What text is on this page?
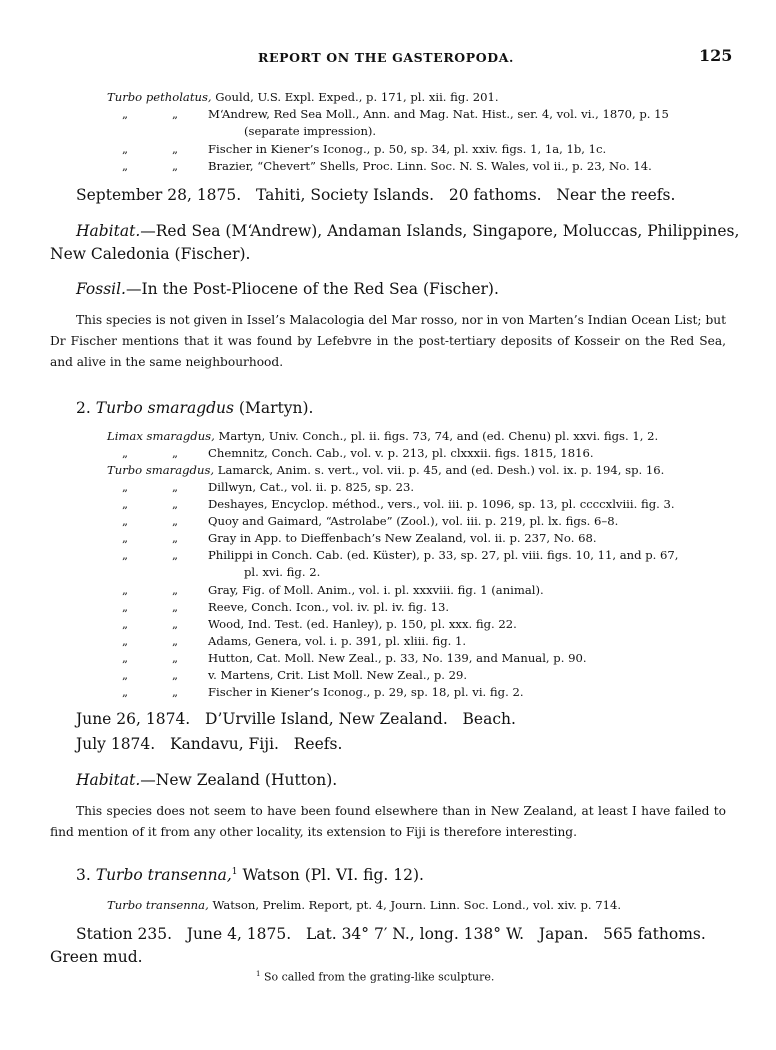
REPORT ON THE GASTEROPODA.	125
Turbo petholatus, Gould, U.S. Expl. Exped., p. 171, pl. xii. fig. 201.
„	„	M‘Andrew, Red Sea Moll., Ann. and Mag. Nat. Hist., ser. 4, vol. vi., 1870, p. 15
(separate impression).
„	„	Fischer in Kiener’s Iconog., p. 50, sp. 34, pl. xxiv. figs. 1, 1a, 1b, 1c.
„	„	Brazier, “Chevert” Shells, Proc. Linn. Soc. N. S. Wales, vol ii., p. 23, No. 14.
September 28, 1875.   Tahiti, Society Islands.   20 fathoms.   Near the reefs.
Habitat.—Red Sea (M‘Andrew), Andaman Islands, Singapore, Moluccas, Philippines,
New Caledonia (Fischer).
Fossil.—In the Post-Pliocene of the Red Sea (Fischer).
This species is not given in Issel’s Malacologia del Mar rosso, nor in von Marten’s Indian Ocean List; but Dr Fischer mentions that it was found by Lefebvre in the post-tertiary deposits of Kosseir on the Red Sea, and alive in the same neighbourhood.
2. Turbo smaragdus (Martyn).
Limax smaragdus, Martyn, Univ. Conch., pl. ii. figs. 73, 74, and (ed. Chenu) pl. xxvi. figs. 1, 2.
„	„	Chemnitz, Conch. Cab., vol. v. p. 213, pl. clxxxii. figs. 1815, 1816.
Turbo smaragdus, Lamarck, Anim. s. vert., vol. vii. p. 45, and (ed. Desh.) vol. ix. p. 194, sp. 16.
„	„	Dillwyn, Cat., vol. ii. p. 825, sp. 23.
„	„	Deshayes, Encyclop. méthod., vers., vol. iii. p. 1096, sp. 13, pl. ccccxlviii. fig. 3.
„	„	Quoy and Gaimard, “Astrolabe” (Zool.), vol. iii. p. 219, pl. lx. figs. 6–8.
„	„	Gray in App. to Dieffenbach’s New Zealand, vol. ii. p. 237, No. 68.
„	„	Philippi in Conch. Cab. (ed. Küster), p. 33, sp. 27, pl. viii. figs. 10, 11, and p. 67,
pl. xvi. fig. 2.
„	„	Gray, Fig. of Moll. Anim., vol. i. pl. xxxviii. fig. 1 (animal).
„	„	Reeve, Conch. Icon., vol. iv. pl. iv. fig. 13.
„	„	Wood, Ind. Test. (ed. Hanley), p. 150, pl. xxx. fig. 22.
„	„	Adams, Genera, vol. i. p. 391, pl. xliii. fig. 1.
„	„	Hutton, Cat. Moll. New Zeal., p. 33, No. 139, and Manual, p. 90.
„	„	v. Martens, Crit. List Moll. New Zeal., p. 29.
„	„	Fischer in Kiener’s Iconog., p. 29, sp. 18, pl. vi. fig. 2.
June 26, 1874.   D’Urville Island, New Zealand.   Beach.
July 1874.   Kandavu, Fiji.   Reefs.
Habitat.—New Zealand (Hutton).
This species does not seem to have been found elsewhere than in New Zealand, at least I have failed to find mention of it from any other locality, its extension to Fiji is therefore interesting.
3. Turbo transenna,$^1$ Watson (Pl. VI. fig. 12).
Turbo transenna, Watson, Prelim. Report, pt. 4, Journ. Linn. Soc. Lond., vol. xiv. p. 714.
Station 235.   June 4, 1875.   Lat. 34° 7′ N., long. 138° W.   Japan.   565 fathoms.
Green mud.
$^1$ So called from the grating-like sculpture.
